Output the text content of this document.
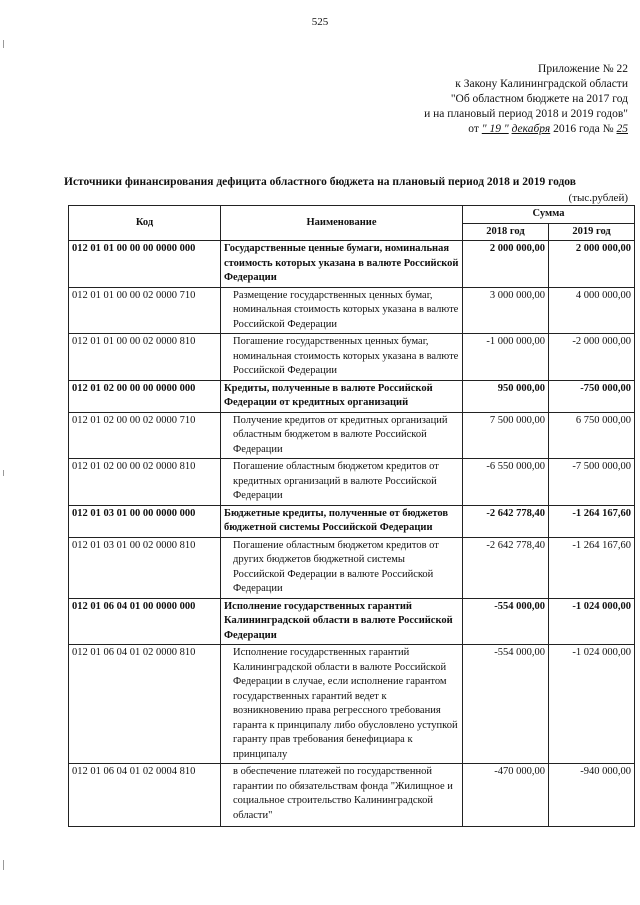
525
Приложение № 22
к Закону Калининградской области
"Об областном бюджете на 2017 год
и на плановый период 2018 и 2019 годов"
от " 19 " декабря 2016 года № 25
Источники финансирования дефицита областного бюджета на плановый период 2018 и 2019 годов
(тыс.рублей)
Код	Наименование	Сумма	
		2018 год	2019 год
012 01 01 00 00 00 0000 000	Государственные ценные бумаги, номинальная стоимость которых указана в валюте Российской Федерации	2 000 000,00	2 000 000,00
012 01 01 00 00 02 0000 710	Размещение государственных ценных бумаг, номинальная стоимость которых указана в валюте Российской Федерации	3 000 000,00	4 000 000,00
012 01 01 00 00 02 0000 810	Погашение государственных ценных бумаг, номинальная стоимость которых указана в валюте Российской Федерации	-1 000 000,00	-2 000 000,00
012 01 02 00 00 00 0000 000	Кредиты, полученные в валюте Российской Федерации от кредитных организаций	950 000,00	-750 000,00
012 01 02 00 00 02 0000 710	Получение кредитов от кредитных организаций областным бюджетом в валюте Российской Федерации	7 500 000,00	6 750 000,00
012 01 02 00 00 02 0000 810	Погашение областным бюджетом кредитов от кредитных организаций в валюте Российской Федерации	-6 550 000,00	-7 500 000,00
012 01 03 01 00 00 0000 000	Бюджетные кредиты, полученные от бюджетов бюджетной системы Российской Федерации	-2 642 778,40	-1 264 167,60
012 01 03 01 00 02 0000 810	Погашение областным бюджетом кредитов от других бюджетов бюджетной системы Российской Федерации в валюте Российской Федерации	-2 642 778,40	-1 264 167,60
012 01 06 04 01 00 0000 000	Исполнение государственных гарантий Калининградской области в валюте Российской Федерации	-554 000,00	-1 024 000,00
012 01 06 04 01 02 0000 810	Исполнение государственных гарантий Калининградской области в валюте Российской Федерации в случае, если исполнение гарантом государственных гарантий ведет к возникновению права регрессного требования гаранта к принципалу либо обусловлено уступкой гаранту прав требования бенефициара к принципалу	-554 000,00	-1 024 000,00
012 01 06 04 01 02 0004 810	в обеспечение платежей по государственной гарантии по обязательствам фонда "Жилищное и социальное строительство Калининградской области"	-470 000,00	-940 000,00
